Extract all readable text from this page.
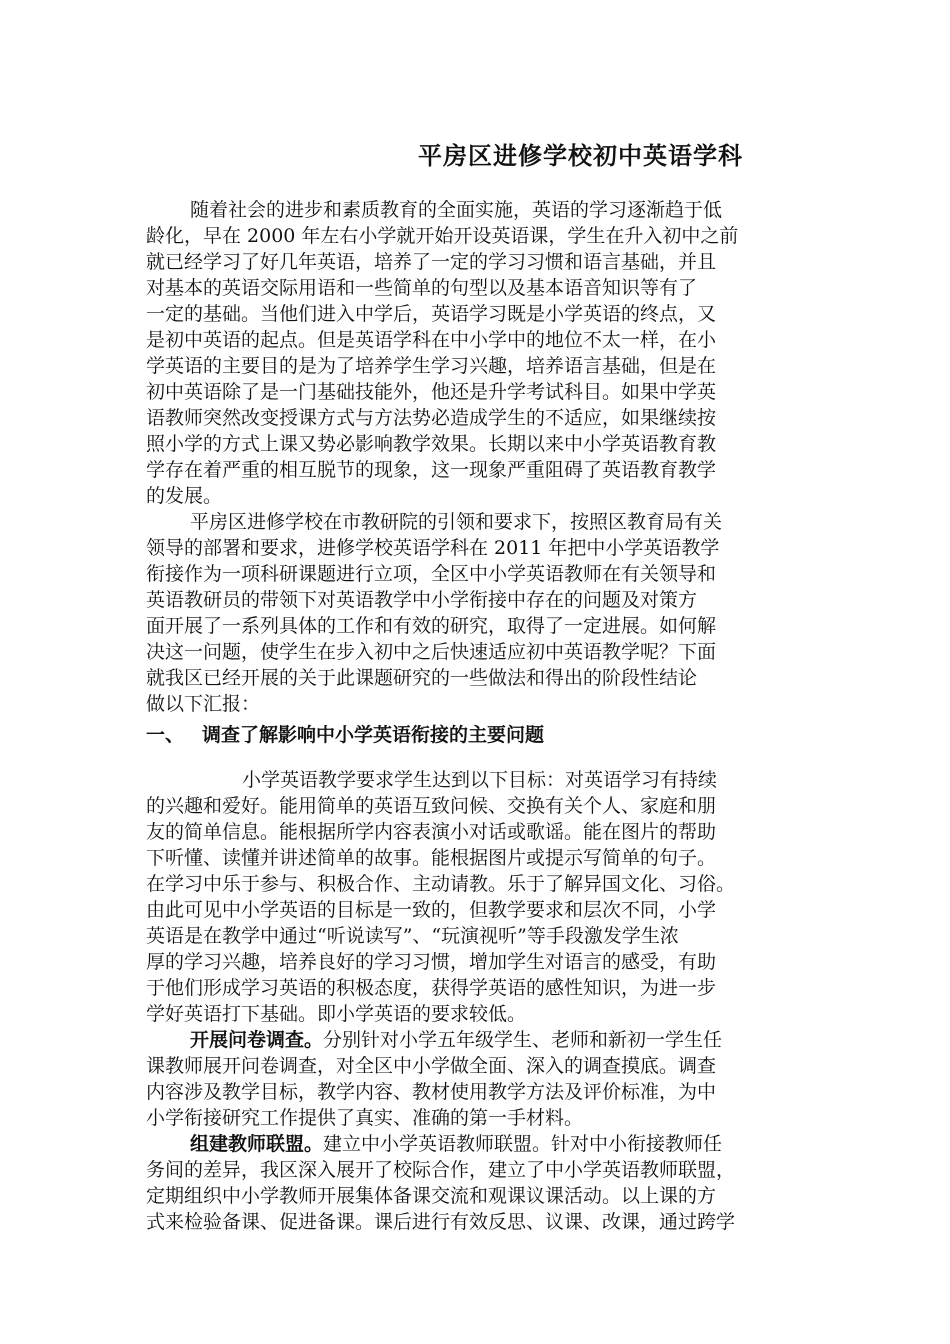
平房区进修学校初中英语学科
随着社会的进步和素质教育的全面实施，英语的学习逐渐趋于低
龄化，早在 2000 年左右小学就开始开设英语课，学生在升入初中之前
就已经学习了好几年英语，培养了一定的学习习惯和语言基础，并且
对基本的英语交际用语和一些简单的句型以及基本语音知识等有了
一定的基础。当他们进入中学后，英语学习既是小学英语的终点，又
是初中英语的起点。但是英语学科在中小学中的地位不太一样，在小
学英语的主要目的是为了培养学生学习兴趣，培养语言基础，但是在
初中英语除了是一门基础技能外，他还是升学考试科目。如果中学英
语教师突然改变授课方式与方法势必造成学生的不适应，如果继续按
照小学的方式上课又势必影响教学效果。长期以来中小学英语教育教
学存在着严重的相互脱节的现象，这一现象严重阻碍了英语教育教学
的发展。
平房区进修学校在市教研院的引领和要求下，按照区教育局有关
领导的部署和要求，进修学校英语学科在 2011 年把中小学英语教学
衔接作为一项科研课题进行立项，全区中小学英语教师在有关领导和
英语教研员的带领下对英语教学中小学衔接中存在的问题及对策方
面开展了一系列具体的工作和有效的研究，取得了一定进展。如何解
决这一问题，使学生在步入初中之后快速适应初中英语教学呢？下面
就我区已经开展的关于此课题研究的一些做法和得出的阶段性结论
做以下汇报：
一、 调查了解影响中小学英语衔接的主要问题
小学英语教学要求学生达到以下目标：对英语学习有持续
的兴趣和爱好。能用简单的英语互致问候、交换有关个人、家庭和朋
友的简单信息。能根据所学内容表演小对话或歌谣。能在图片的帮助
下听懂、读懂并讲述简单的故事。能根据图片或提示写简单的句子。
在学习中乐于参与、积极合作、主动请教。乐于了解异国文化、习俗。
由此可见中小学英语的目标是一致的，但教学要求和层次不同，小学
英语是在教学中通过“听说读写”、“玩演视听”等手段激发学生浓
厚的学习兴趣，培养良好的学习习惯，增加学生对语言的感受，有助
于他们形成学习英语的积极态度，获得学英语的感性知识，为进一步
学好英语打下基础。即小学英语的要求较低。
开展问卷调查。分别针对小学五年级学生、老师和新初一学生任
课教师展开问卷调查，对全区中小学做全面、深入的调查摸底。调查
内容涉及教学目标，教学内容、教材使用教学方法及评价标准，为中
小学衔接研究工作提供了真实、准确的第一手材料。
组建教师联盟。建立中小学英语教师联盟。针对中小衔接教师任
务间的差异，我区深入展开了校际合作，建立了中小学英语教师联盟，
定期组织中小学教师开展集体备课交流和观课议课活动。以上课的方
式来检验备课、促进备课。课后进行有效反思、议课、改课，通过跨学
